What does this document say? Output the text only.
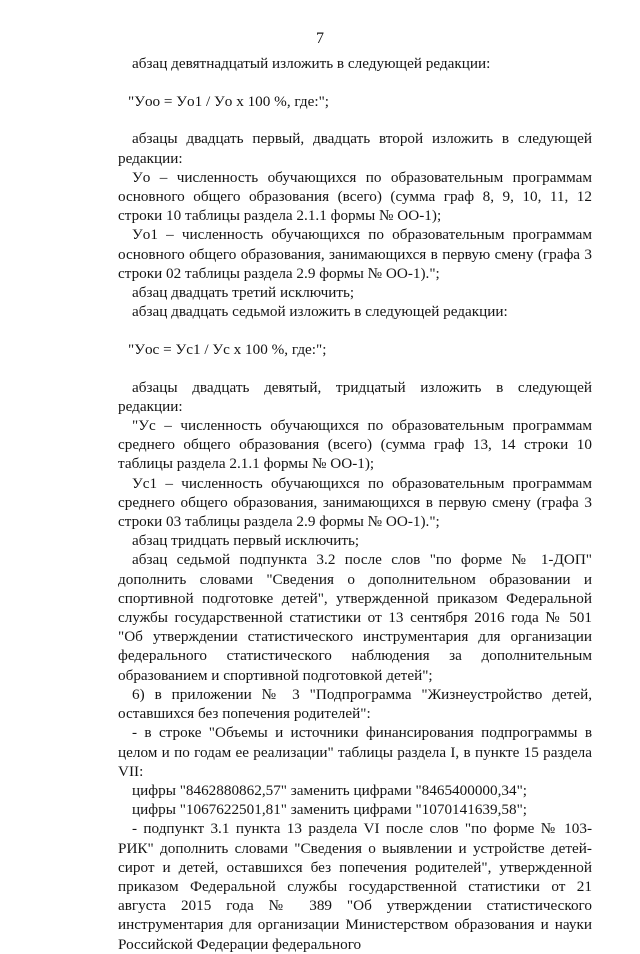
7

абзац девятнадцатый изложить в следующей редакции:

"Уoo = Уo1 / Уo x 100 %, где:";

абзацы двадцать первый, двадцать второй изложить в следующей редакции:

Уo – численность обучающихся по образовательным программам основного общего образования (всего) (сумма граф 8, 9, 10, 11, 12 строки 10 таблицы раздела 2.1.1 формы № ОО-1);

Уo1 – численность обучающихся по образовательным программам основного общего образования, занимающихся в первую смену (графа 3 строки 02 таблицы раздела 2.9 формы № ОО-1).";

абзац двадцать третий исключить;

абзац двадцать седьмой изложить в следующей редакции:

"Уoc = Уc1 / Уc x 100 %, где:";

абзацы двадцать девятый, тридцатый изложить в следующей редакции:

"Уc – численность обучающихся по образовательным программам среднего общего образования (всего) (сумма граф 13, 14 строки 10 таблицы раздела 2.1.1 формы № ОО-1);

Уc1 – численность обучающихся по образовательным программам среднего общего образования, занимающихся в первую смену (графа 3 строки 03 таблицы раздела 2.9 формы № ОО-1).";

абзац тридцать первый исключить;

абзац седьмой подпункта 3.2 после слов "по форме № 1-ДОП" дополнить словами "Сведения о дополнительном образовании и спортивной подготовке детей", утвержденной приказом Федеральной службы государственной статистики от 13 сентября 2016 года № 501 "Об утверждении статистического инструментария для организации федерального статистического наблюдения за дополнительным образованием и спортивной подготовкой детей";

6) в приложении № 3 "Подпрограмма "Жизнеустройство детей, оставшихся без попечения родителей":

- в строке "Объемы и источники финансирования подпрограммы в целом и по годам ее реализации" таблицы раздела I, в пункте 15 раздела VII:

цифры "8462880862,57" заменить цифрами "8465400000,34";

цифры "1067622501,81" заменить цифрами "1070141639,58";

- подпункт 3.1 пункта 13 раздела VI после слов "по форме № 103-РИК" дополнить словами "Сведения о выявлении и устройстве детей-сирот и детей, оставшихся без попечения родителей", утвержденной приказом Федеральной службы государственной статистики от 21 августа 2015 года № 389 "Об утверждении статистического инструментария для организации Министерством образования и науки Российской Федерации федерального
